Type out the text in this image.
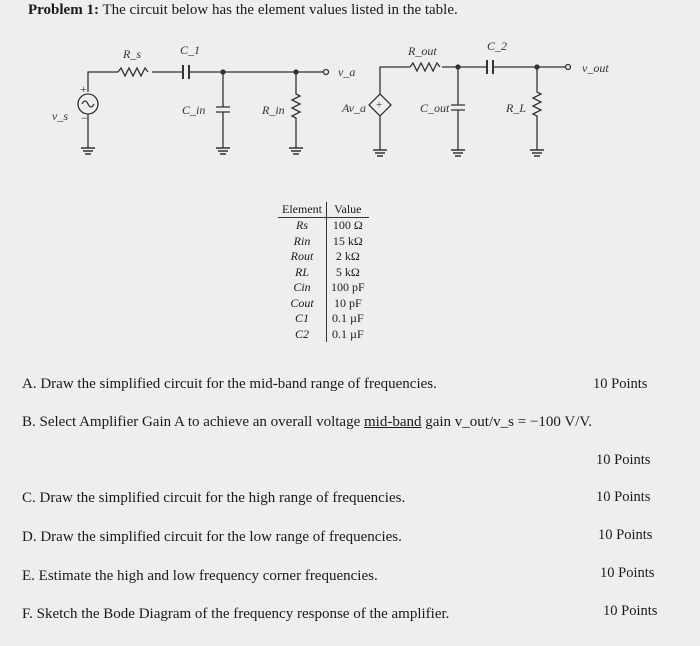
Problem 1: The circuit below has the element values listed in the table.
v_s
+
−
R_s	C_1
C_in	R_in
v_a
Av_a +
R_out
C_out
C_2
R_L
v_out
Element	Value
Rs	100 Ω
Rin	15 kΩ
Rout	2 kΩ
RL	5 kΩ
Cin	100 pF
Cout	10 pF
C1	0.1 µF
C2	0.1 µF
A. Draw the simplified circuit for the mid-band range of frequencies.	10 Points
B. Select Amplifier Gain A to achieve an overall voltage mid-band gain v_out/v_s = −100 V/V.
10 Points
C. Draw the simplified circuit for the high range of frequencies.	10 Points
D. Draw the simplified circuit for the low range of frequencies.	10 Points
E. Estimate the high and low frequency corner frequencies.	10 Points
F. Sketch the Bode Diagram of the frequency response of the amplifier.	10 Points
